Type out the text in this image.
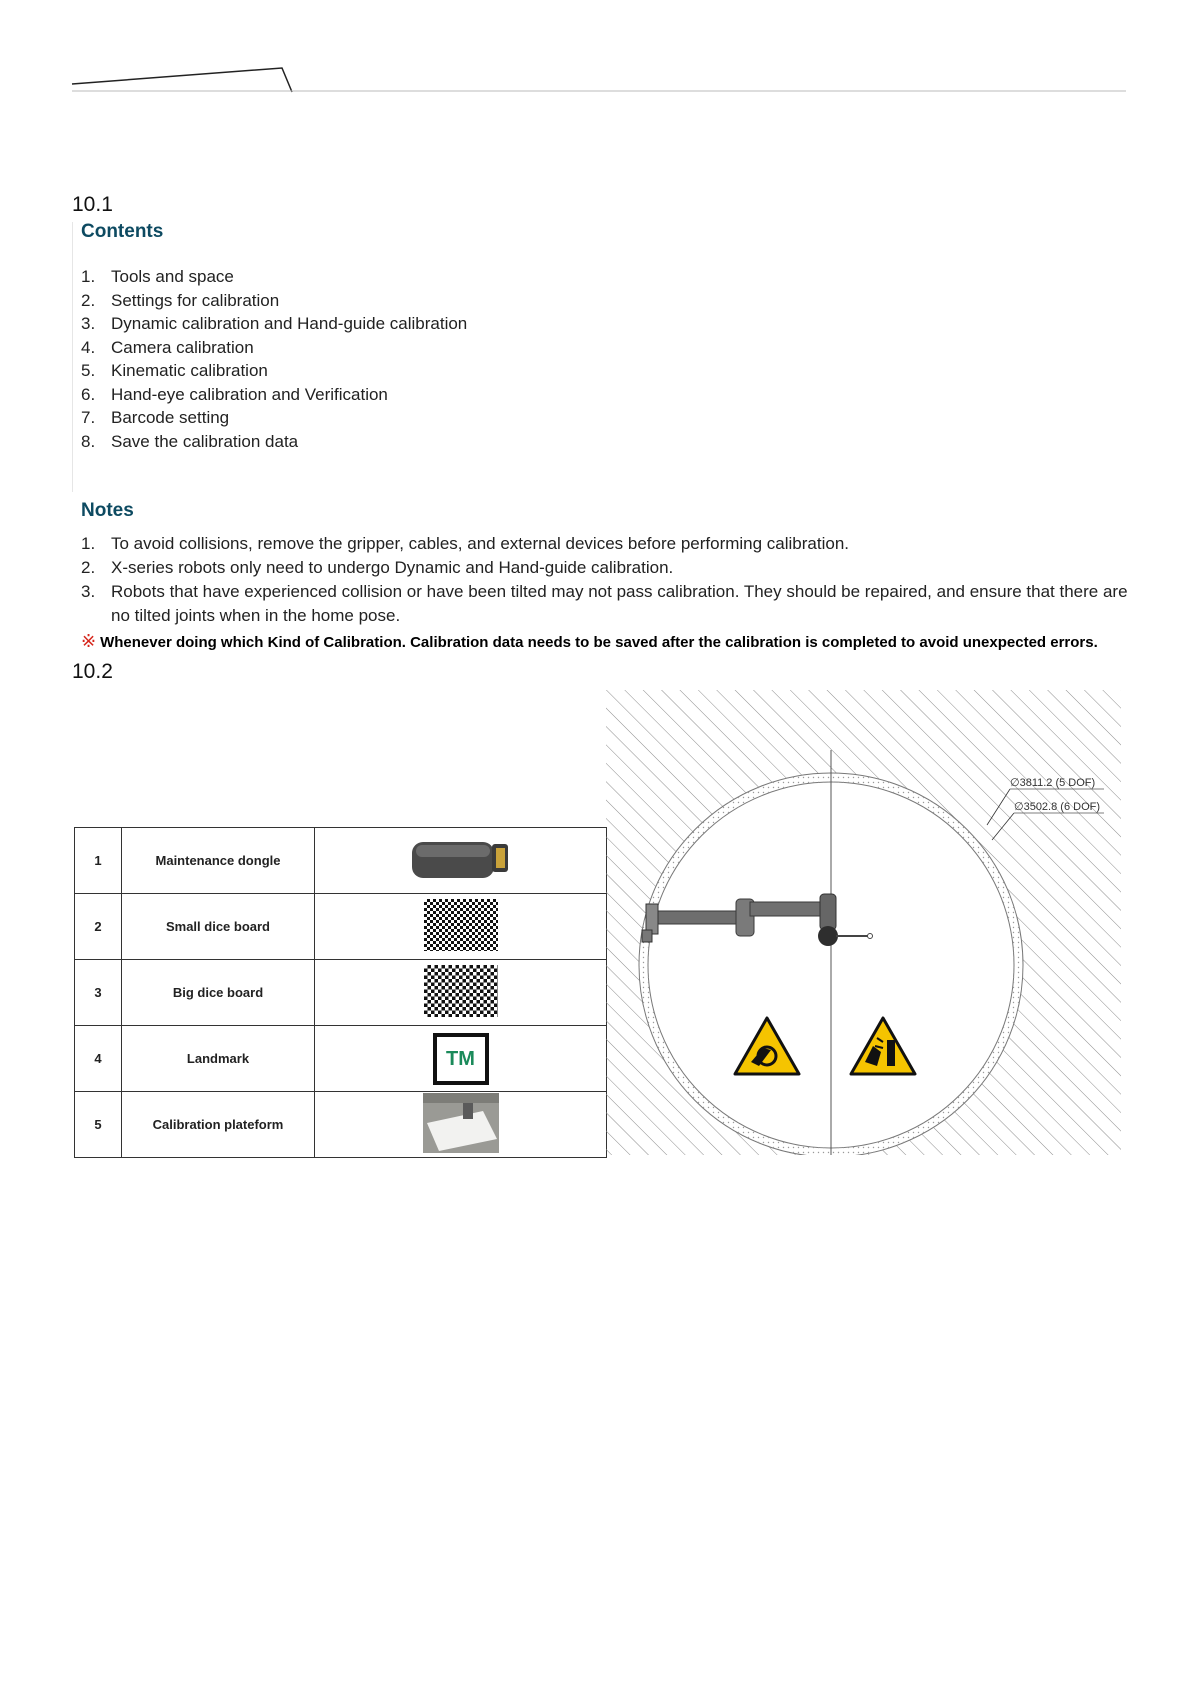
10.1
Contents
1. Tools and space
2. Settings for calibration
3. Dynamic calibration and Hand-guide calibration
4. Camera calibration
5. Kinematic calibration
6. Hand-eye calibration and Verification
7. Barcode setting
8. Save the calibration data
Notes
1. To avoid collisions, remove the gripper, cables, and external devices before performing calibration.
2. X-series robots only need to undergo Dynamic and Hand-guide calibration.
3. Robots that have experienced collision or have been tilted may not pass calibration. They should be repaired, and ensure that there are no tilted joints when in the home pose.
※ Whenever doing which Kind of Calibration. Calibration data needs to be saved after the calibration is completed to avoid unexpected errors.
10.2
1	Maintenance dongle	
2	Small dice board	
3	Big dice board	
4	Landmark	TM
5	Calibration plateform	
∅3811.2 (5 DOF)
∅3502.8 (6 DOF)
